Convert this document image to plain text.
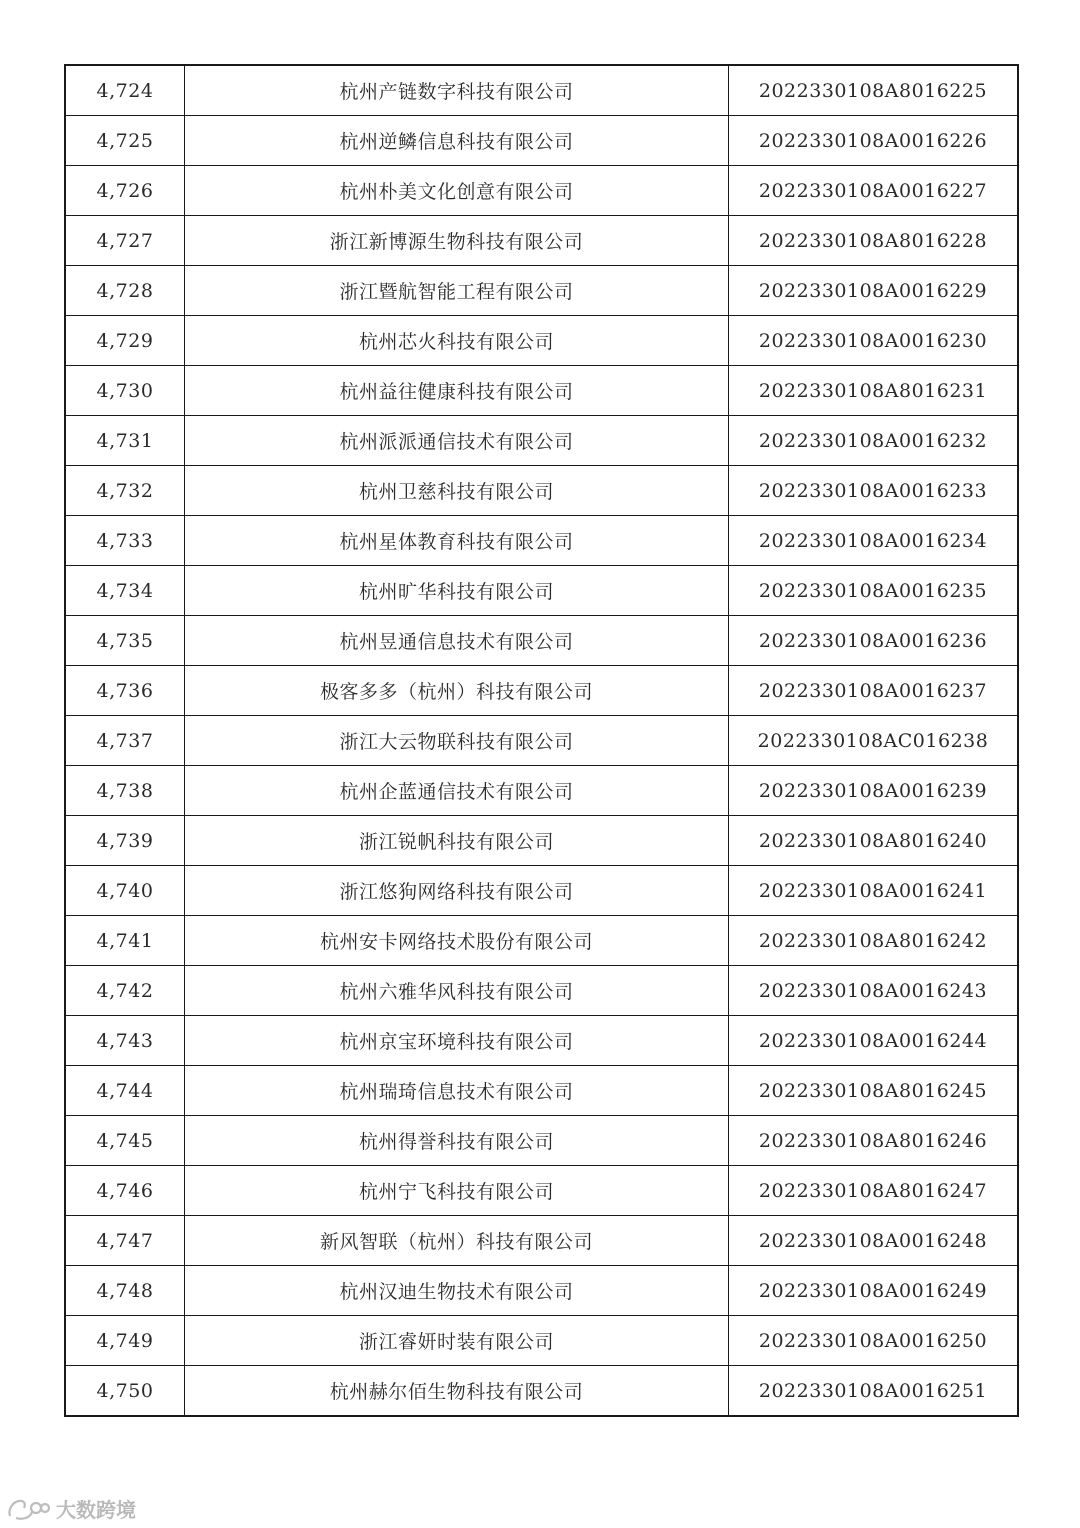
4,724	杭州产链数字科技有限公司	2022330108A8016225
4,725	杭州逆鳞信息科技有限公司	2022330108A0016226
4,726	杭州朴美文化创意有限公司	2022330108A0016227
4,727	浙江新博源生物科技有限公司	2022330108A8016228
4,728	浙江暨航智能工程有限公司	2022330108A0016229
4,729	杭州芯火科技有限公司	2022330108A0016230
4,730	杭州益往健康科技有限公司	2022330108A8016231
4,731	杭州派派通信技术有限公司	2022330108A0016232
4,732	杭州卫慈科技有限公司	2022330108A0016233
4,733	杭州星体教育科技有限公司	2022330108A0016234
4,734	杭州旷华科技有限公司	2022330108A0016235
4,735	杭州昱通信息技术有限公司	2022330108A0016236
4,736	极客多多（杭州）科技有限公司	2022330108A0016237
4,737	浙江大云物联科技有限公司	2022330108AC016238
4,738	杭州企蓝通信技术有限公司	2022330108A0016239
4,739	浙江锐帆科技有限公司	2022330108A8016240
4,740	浙江悠狗网络科技有限公司	2022330108A0016241
4,741	杭州安卡网络技术股份有限公司	2022330108A8016242
4,742	杭州六雅华风科技有限公司	2022330108A0016243
4,743	杭州京宝环境科技有限公司	2022330108A0016244
4,744	杭州瑞琦信息技术有限公司	2022330108A8016245
4,745	杭州得誉科技有限公司	2022330108A8016246
4,746	杭州宁飞科技有限公司	2022330108A8016247
4,747	新风智联（杭州）科技有限公司	2022330108A0016248
4,748	杭州汉迪生物技术有限公司	2022330108A0016249
4,749	浙江睿妍时装有限公司	2022330108A0016250
4,750	杭州赫尔佰生物科技有限公司	2022330108A0016251
大数跨境
